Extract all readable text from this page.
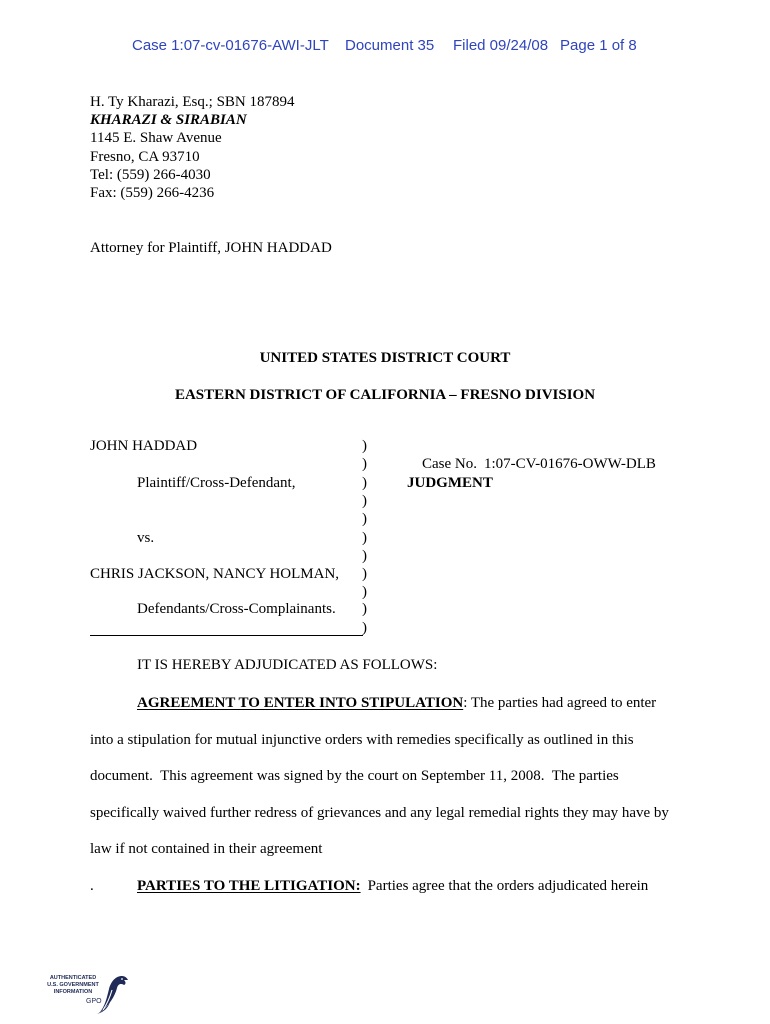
Case 1:07-cv-01676-AWI-JLT Document 35 Filed 09/24/08 Page 1 of 8
H. Ty Kharazi, Esq.; SBN 187894
KHARAZI & SIRABIAN
1145 E. Shaw Avenue
Fresno, CA 93710
Tel: (559) 266-4030
Fax: (559) 266-4236
Attorney for Plaintiff, JOHN HADDAD
UNITED STATES DISTRICT COURT
EASTERN DISTRICT OF CALIFORNIA – FRESNO DIVISION
JOHN HADDAD
Plaintiff/Cross-Defendant,
vs.
CHRIS JACKSON, NANCY HOLMAN,
Defendants/Cross-Complainants.
)
)
)
)
)
)
)
)
)
)
)

Case No. 1:07-CV-01676-OWW-DLB

JUDGMENT
IT IS HEREBY ADJUDICATED AS FOLLOWS:
AGREEMENT TO ENTER INTO STIPULATION: The parties had agreed to enter
into a stipulation for mutual injunctive orders with remedies specifically as outlined in this
document.  This agreement was signed by the court on September 11, 2008.  The parties
specifically waived further redress of grievances and any legal remedial rights they may have by
law if not contained in their agreement
.	PARTIES TO THE LITIGATION: Parties agree that the orders adjudicated herein
AUTHENTICATED
U.S. GOVERNMENT
INFORMATION
GPO
